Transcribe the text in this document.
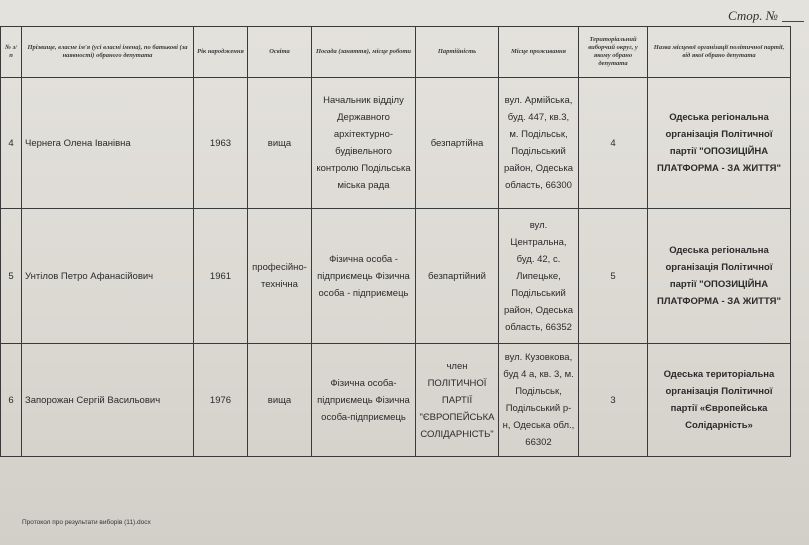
Стор. №
№ з/п	Прізвище, власне ім'я (усі власні імена), по батькові (за наявності) обраного депутата	Рік народження	Освіта	Посада (заняття), місце роботи	Партійність	Місце проживання	Територіальний виборчий округ, у якому обрано депутата	Назва місцевої організації політичної партії, від якої обрано депутата
4	Чернега Олена Іванівна	1963	вища	Начальник відділу Державного архітектурно-будівельного контролю Подільська міська рада	безпартійна	вул. Армійська, буд. 447, кв.3, м. Подільськ, Подільський район, Одеська область, 66300	4	Одеська регіональна організація Політичної партії "ОПОЗИЦІЙНА ПЛАТФОРМА - ЗА ЖИТТЯ"
5	Унтілов Петро Афанасійович	1961	професійно-технічна	Фізична особа - підприємець Фізична особа - підприємець	безпартійний	вул. Центральна, буд. 42, с. Липецьке, Подільський район, Одеська область, 66352	5	Одеська регіональна організація Політичної партії "ОПОЗИЦІЙНА ПЛАТФОРМА - ЗА ЖИТТЯ"
6	Запорожан Сергій Васильович	1976	вища	Фізична особа-підприємець Фізична особа-підприємець	член ПОЛІТИЧНОЇ ПАРТІЇ "ЄВРОПЕЙСЬКА СОЛІДАРНІСТЬ"	вул. Кузовкова, буд 4 а, кв. 3, м. Подільськ, Подільський р-н, Одеська обл., 66302	3	Одеська територіальна організація Політичної партії «Європейська Солідарність»
Протокол про результати виборів (11).docx
